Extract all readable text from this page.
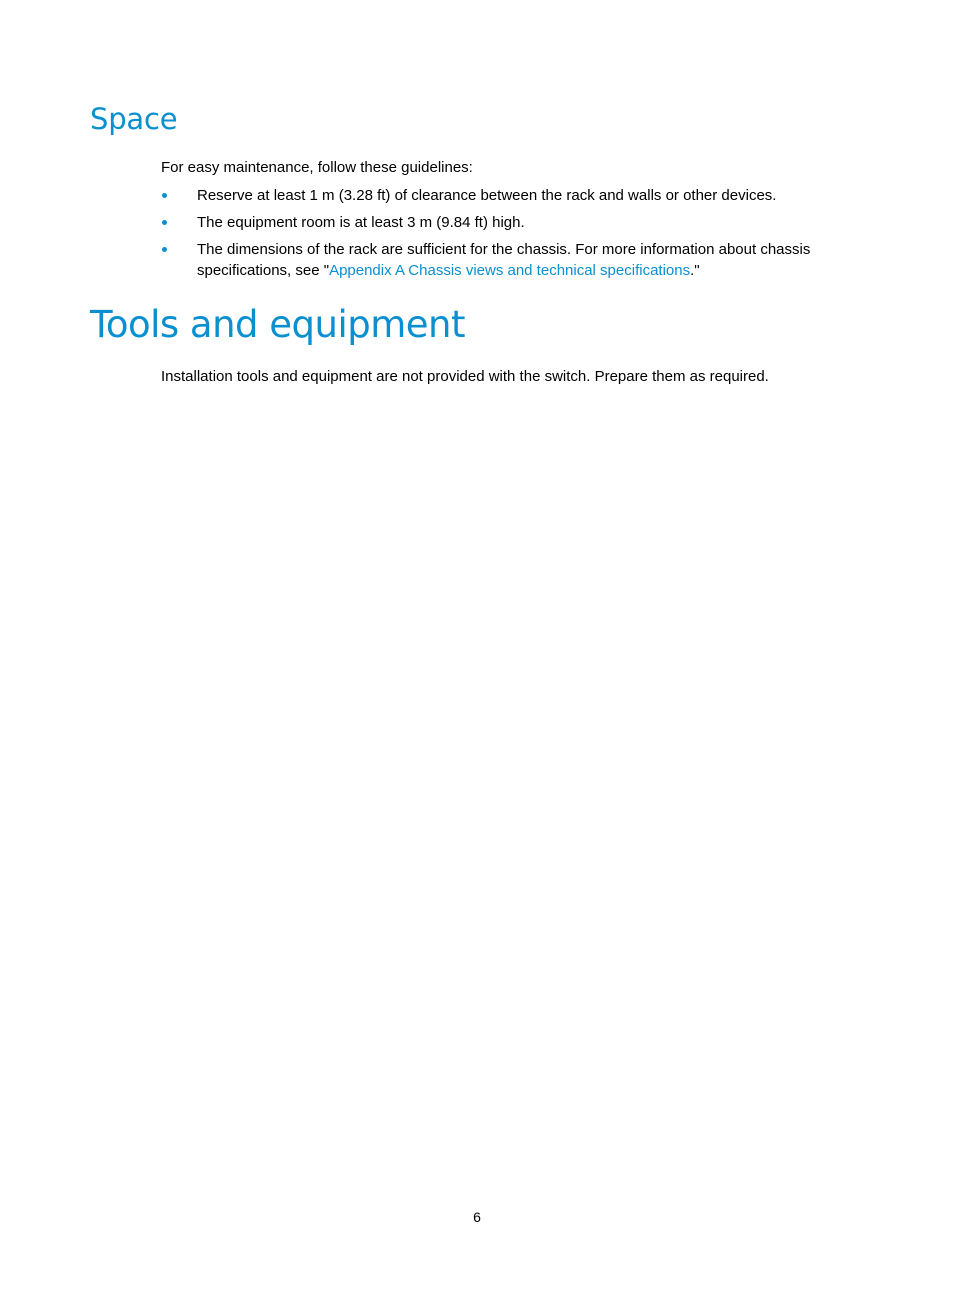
Space

For easy maintenance, follow these guidelines:

Reserve at least 1 m (3.28 ft) of clearance between the rack and walls or other devices.
The equipment room is at least 3 m (9.84 ft) high.
The dimensions of the rack are sufficient for the chassis. For more information about chassis specifications, see "Appendix A Chassis views and technical specifications."
Tools and equipment

Installation tools and equipment are not provided with the switch. Prepare them as required.

6
